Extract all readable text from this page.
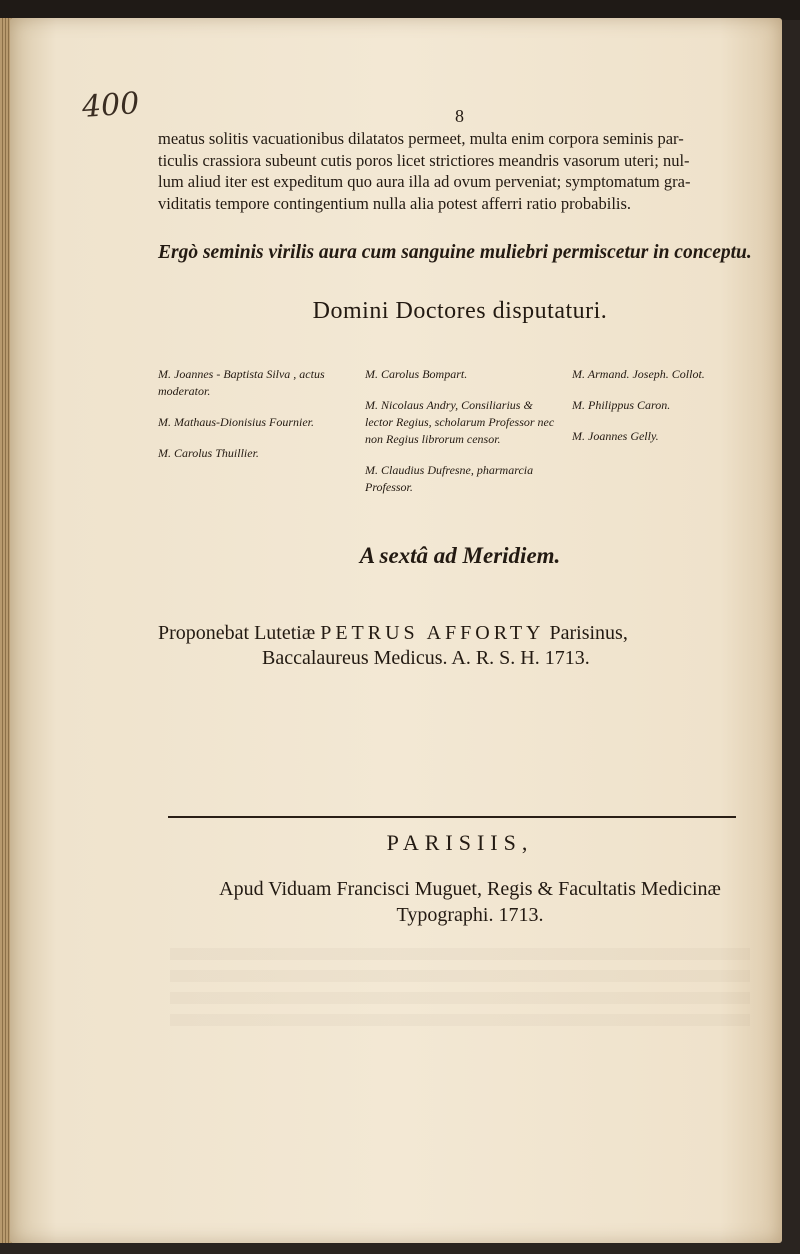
400	8
meatus solitis vacuationibus dilatatos permeet, multa enim corpora seminis par-
ticulis crassiora subeunt cutis poros licet strictiores meandris vasorum uteri; nul-
lum aliud iter est expeditum quo aura illa ad ovum perveniat; symptomatum gra-
viditatis tempore contingentium nulla alia potest afferri ratio probabilis.
Ergò seminis virilis aura cum sanguine muliebri permiscetur in conceptu.
Domini Doctores disputaturi.
M. Joannes - Baptista Silva , actus moderator.
M. Mathaus-Dionisius Fournier.
M. Carolus Thuillier.
M. Carolus Bompart.
M. Nicolaus Andry, Consiliarius & lector Regius, scholarum Professor nec non Regius librorum censor.
M. Claudius Dufresne, pharmarcia Professor.
M. Armand. Joseph. Collot.
M. Philippus Caron.
M. Joannes Gelly.
A sextâ ad Meridiem.
Proponebat Lutetiæ PETRUS AFFORTY Parisinus,
Baccalaureus Medicus. A. R. S. H. 1713.
PARISIIS,
Apud Viduam Francisci Muguet, Regis & Facultatis Medicinæ
Typographi. 1713.
